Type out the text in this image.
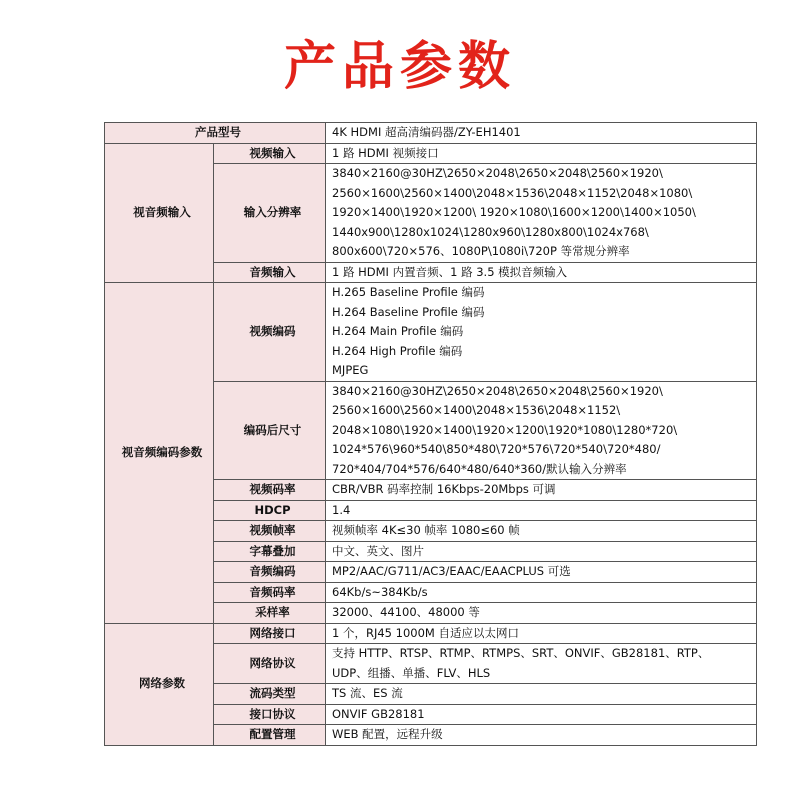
产品参数
产品型号		4K HDMI 超高清编码器/ZY-EH1401
视音频输入	视频输入	1 路 HDMI 视频接口
	输入分辨率	3840×2160@30HZ\2650×2048\2650×2048\2560×1920\
2560×1600\2560×1400\2048×1536\2048×1152\2048×1080\
1920×1400\1920×1200\ 1920×1080\1600×1200\1400×1050\
1440x900\1280x1024\1280x960\1280x800\1024x768\
800x600\720×576、1080P\1080i\720P 等常规分辨率

	音频输入	1 路 HDMI 内置音频、1 路 3.5 模拟音频输入
视音频编码参数	视频编码	H.265 Baseline Profile 编码
H.264 Baseline Profile 编码
H.264 Main Profile 编码
H.264 High Profile 编码
MJPEG

	编码后尺寸	3840×2160@30HZ\2650×2048\2650×2048\2560×1920\
2560×1600\2560×1400\2048×1536\2048×1152\
2048×1080\1920×1400\1920×1200\1920*1080\1280*720\
1024*576\960*540\850*480\720*576\720*540\720*480/
720*404/704*576/640*480/640*360/默认输入分辨率

	视频码率	CBR/VBR 码率控制 16Kbps-20Mbps 可调
	HDCP	1.4
	视频帧率	视频帧率 4K≤30 帧率 1080≤60 帧
	字幕叠加	中文、英文、图片
	音频编码	MP2/AAC/G711/AC3/EAAC/EAACPLUS 可选
	音频码率	64Kb/s~384Kb/s
	采样率	32000、44100、48000 等
网络参数	网络接口	1 个，RJ45 1000M 自适应以太网口
	网络协议	支持 HTTP、RTSP、RTMP、RTMPS、SRT、ONVIF、GB28181、RTP、
UDP、组播、单播、FLV、HLS

	流码类型	TS 流、ES 流
	接口协议	ONVIF GB28181
	配置管理	WEB 配置，远程升级
